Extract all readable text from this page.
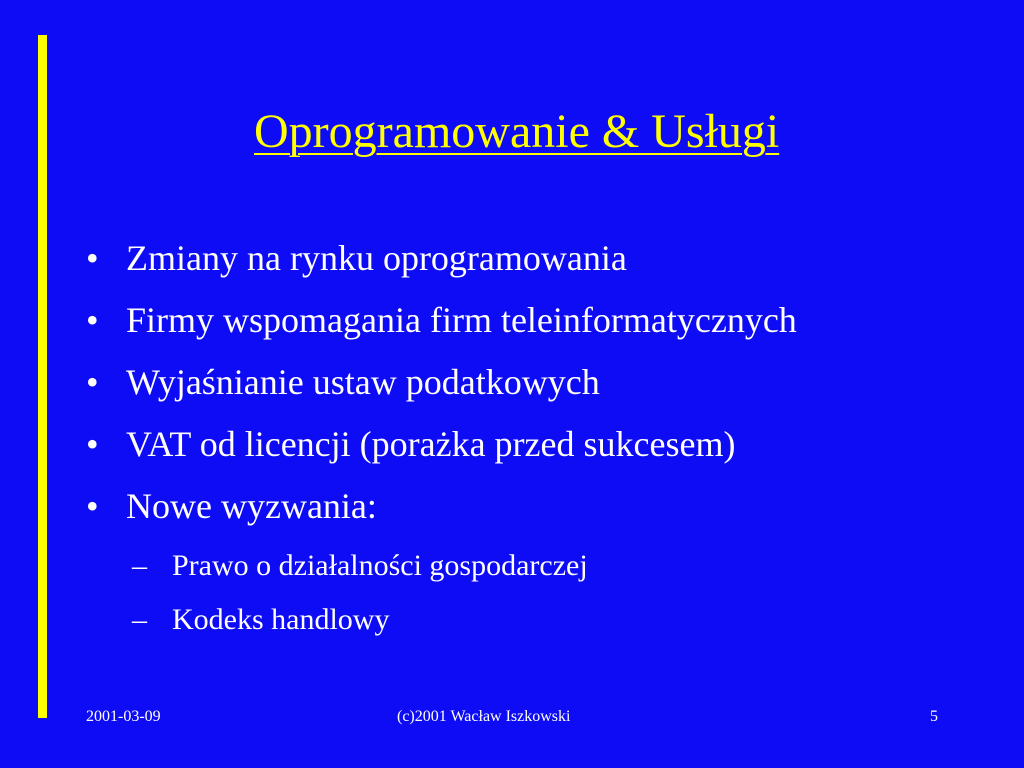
Oprogramowanie & Usługi
• Zmiany na rynku oprogramowania
• Firmy wspomagania firm teleinformatycznych
• Wyjaśnianie ustaw podatkowych
• VAT od licencji (porażka przed sukcesem)
• Nowe wyzwania:
– Prawo o działalności gospodarczej
– Kodeks handlowy
2001-03-09	(c)2001 Wacław Iszkowski	5
